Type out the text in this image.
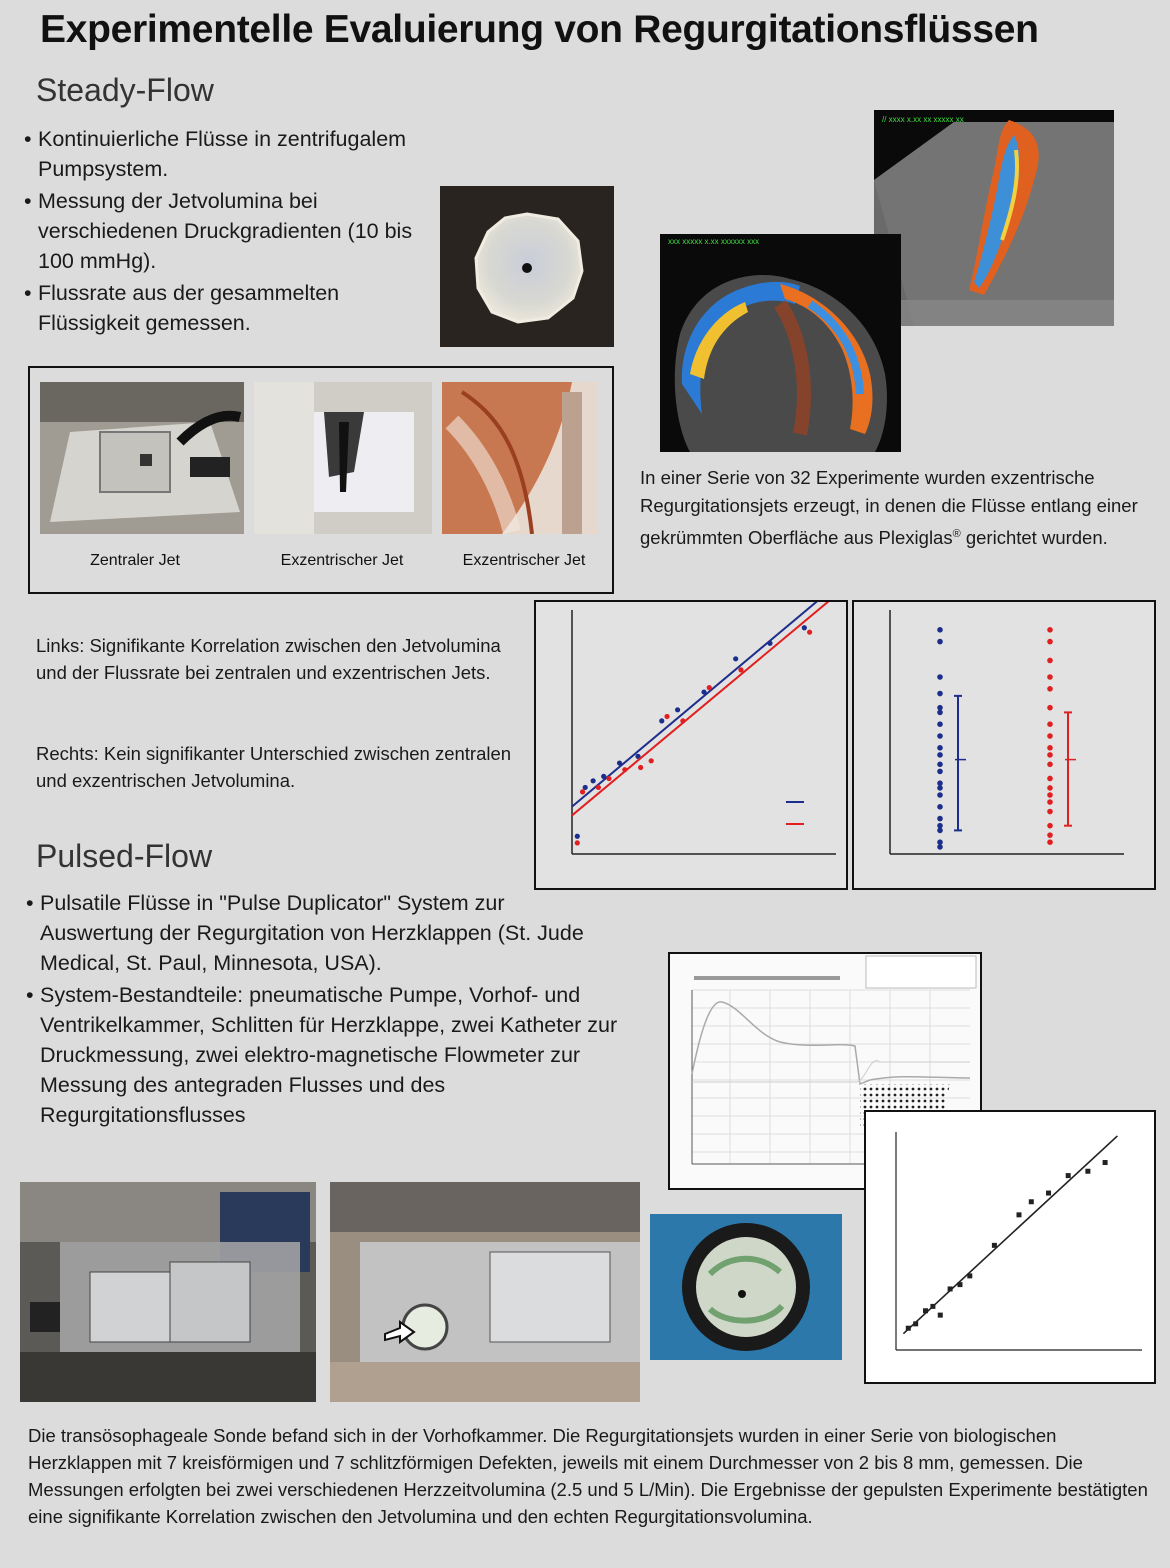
Experimentelle Evaluierung von Regurgitationsflüssen
Steady-Flow
• Kontinuierliche Flüsse in zentrifugalem Pumpsystem.
• Messung der Jetvolumina bei verschiedenen Druckgradienten (10 bis 100 mmHg).
• Flussrate aus der gesammelten Flüssigkeit gemessen.
// xxxx x.xx xx xxxxx xx
xxx xxxxx x.xx xxxxxx xxx
Zentraler Jet	Exzentrischer Jet	Exzentrischer Jet
In einer Serie von 32 Experimente wurden exzentrische Regurgitationsjets erzeugt, in denen die Flüsse entlang einer gekrümmten Oberfläche aus Plexiglas® gerichtet wurden.
Links: Signifikante Korrelation zwischen den Jetvolumina und der Flussrate bei zentralen und exzentrischen Jets.
Rechts: Kein signifikanter Unterschied zwischen zentralen und exzentrischen Jetvolumina.
Pulsed-Flow
• Pulsatile Flüsse in "Pulse Duplicator" System zur Auswertung der Regurgitation von Herzklappen (St. Jude Medical, St. Paul, Minnesota, USA).
• System-Bestandteile: pneumatische Pumpe, Vorhof- und Ventrikelkammer, Schlitten für Herzklappe, zwei Katheter zur Druckmessung, zwei elektro-magnetische Flowmeter zur Messung des antegraden Flusses und des Regurgitationsflusses
Die transösophageale Sonde befand sich in der Vorhofkammer. Die Regurgitationsjets wurden in einer Serie von biologischen Herzklappen mit 7 kreisförmigen und 7 schlitzförmigen Defekten, jeweils mit einem Durchmesser von 2 bis 8 mm, gemessen. Die Messungen erfolgten bei zwei verschiedenen Herzzeitvolumina (2.5 und 5 L/Min). Die Ergebnisse der gepulsten Experimente bestätigten eine signifikante Korrelation zwischen den Jetvolumina und den echten Regurgitationsvolumina.
